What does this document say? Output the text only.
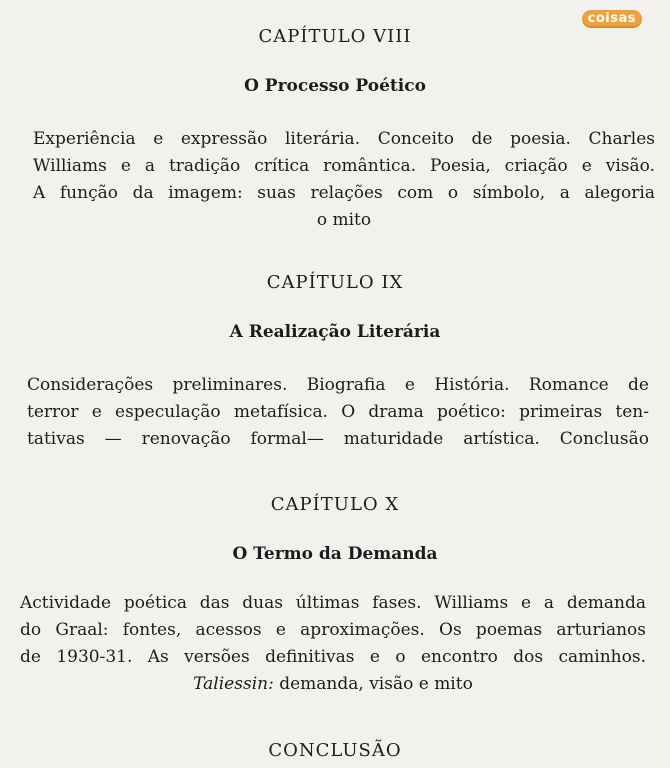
coisas
CAPÍTULO VIII
O Processo Poético
Experiência e expressão literária. Conceito de poesia. Charles
Williams e a tradição crítica romântica. Poesia, criação e visão.
A função da imagem: suas relações com o símbolo, a alegoria
o mito
CAPÍTULO IX
A Realização Literária
Considerações preliminares. Biografia e História. Romance de
terror e especulação metafísica. O drama poético: primeiras ten-
tativas — renovação formal— maturidade artística. Conclusão
CAPÍTULO X
O Termo da Demanda
Actividade poética das duas últimas fases. Williams e a demanda
do Graal: fontes, acessos e aproximações. Os poemas arturianos
de 1930-31. As versões definitivas e o encontro dos caminhos.
Taliessin: demanda, visão e mito
CONCLUSÃO
